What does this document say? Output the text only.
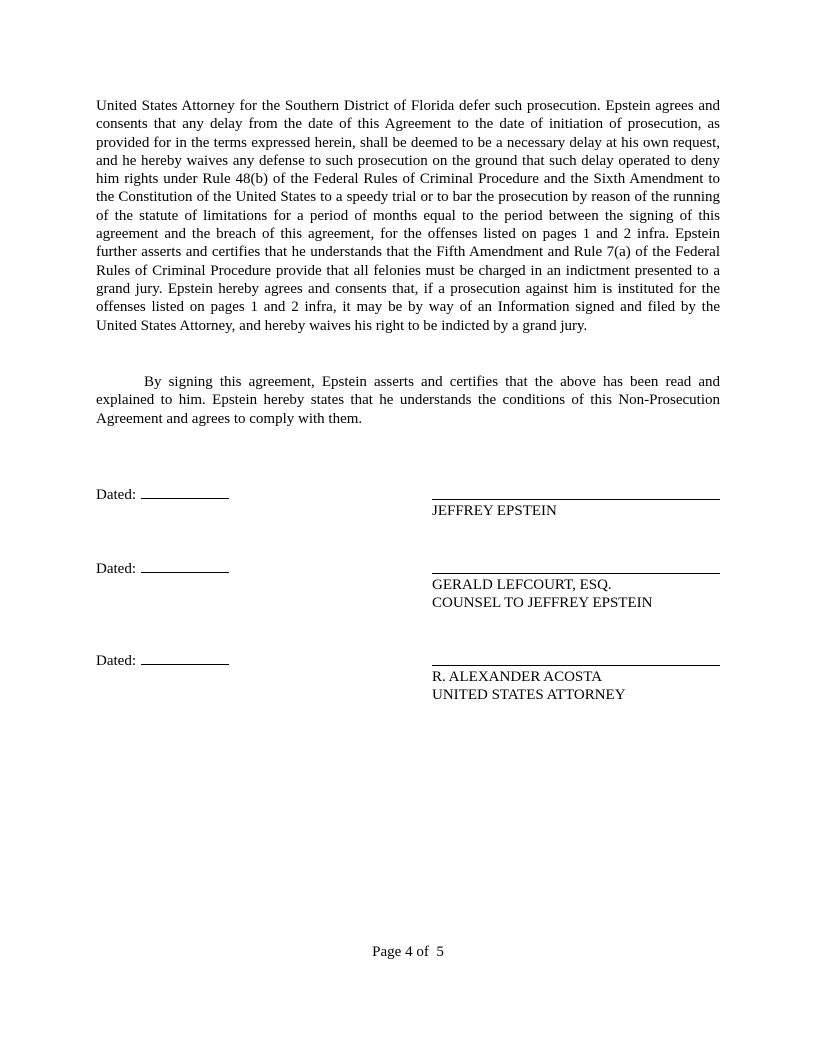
United States Attorney for the Southern District of Florida defer such prosecution. Epstein agrees and consents that any delay from the date of this Agreement to the date of initiation of prosecution, as provided for in the terms expressed herein, shall be deemed to be a necessary delay at his own request, and he hereby waives any defense to such prosecution on the ground that such delay operated to deny him rights under Rule 48(b) of the Federal Rules of Criminal Procedure and the Sixth Amendment to the Constitution of the United States to a speedy trial or to bar the prosecution by reason of the running of the statute of limitations for a period of months equal to the period between the signing of this agreement and the breach of this agreement, for the offenses listed on pages 1 and 2 infra. Epstein further asserts and certifies that he understands that the Fifth Amendment and Rule 7(a) of the Federal Rules of Criminal Procedure provide that all felonies must be charged in an indictment presented to a grand jury. Epstein hereby agrees and consents that, if a prosecution against him is instituted for the offenses listed on pages 1 and 2 infra, it may be by way of an Information signed and filed by the United States Attorney, and hereby waives his right to be indicted by a grand jury.

By signing this agreement, Epstein asserts and certifies that the above has been read and explained to him. Epstein hereby states that he understands the conditions of this Non-Prosecution Agreement and agrees to comply with them.

Dated:
JEFFREY EPSTEIN
Dated:
GERALD LEFCOURT, ESQ.
COUNSEL TO JEFFREY EPSTEIN
Dated:
R. ALEXANDER ACOSTA
UNITED STATES ATTORNEY
Page 4 of  5
